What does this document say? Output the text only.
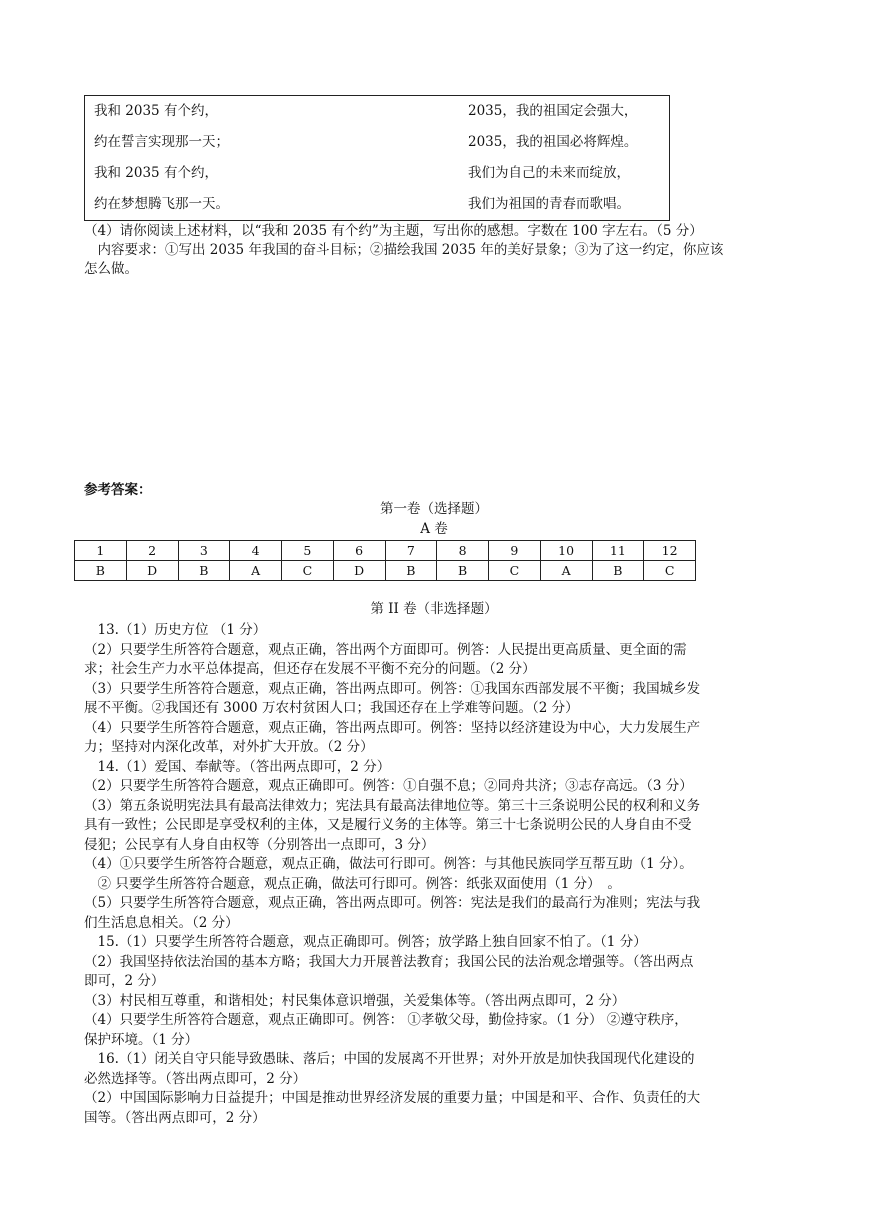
我和 2035 有个约，	2035，我的祖国定会强大，
约在誓言实现那一天；	2035，我的祖国必将辉煌。
我和 2035 有个约，	我们为自己的未来而绽放，
约在梦想腾飞那一天。	我们为祖国的青春而歌唱。
（4）请你阅读上述材料，以“我和 2035 有个约”为主题，写出你的感想。字数在 100 字左右。（5 分）
　内容要求：①写出 2035 年我国的奋斗目标；②描绘我国 2035 年的美好景象；③为了这一约定，你应该
怎么做。
参考答案：
第一卷（选择题）
A 卷
1	2	3	4	5	6	7	8	9	10	11	12
B	D	B	A	C	D	B	B	C	A	B	C
第 II 卷（非选择题）
　13.（1）历史方位 （1 分）
（2）只要学生所答符合题意，观点正确，答出两个方面即可。例答：人民提出更高质量、更全面的需
求；社会生产力水平总体提高，但还存在发展不平衡不充分的问题。（2 分）
（3）只要学生所答符合题意，观点正确，答出两点即可。例答：①我国东西部发展不平衡；我国城乡发
展不平衡。②我国还有 3000 万农村贫困人口；我国还存在上学难等问题。（2 分）
（4）只要学生所答符合题意，观点正确，答出两点即可。例答：坚持以经济建设为中心，大力发展生产
力；坚持对内深化改革，对外扩大开放。（2 分）
　14.（1）爱国、奉献等。（答出两点即可，2 分）
（2）只要学生所答符合题意，观点正确即可。例答：①自强不息；②同舟共济；③志存高远。（3 分）
（3）第五条说明宪法具有最高法律效力；宪法具有最高法律地位等。第三十三条说明公民的权利和义务
具有一致性；公民即是享受权利的主体，又是履行义务的主体等。第三十七条说明公民的人身自由不受
侵犯；公民享有人身自由权等（分别答出一点即可，3 分）
（4）①只要学生所答符合题意，观点正确，做法可行即可。例答：与其他民族同学互帮互助（1 分）。
　② 只要学生所答符合题意，观点正确，做法可行即可。例答：纸张双面使用（1 分）　。
（5）只要学生所答符合题意，观点正确，答出两点即可。例答：宪法是我们的最高行为准则；宪法与我
们生活息息相关。（2 分）
　15.（1）只要学生所答符合题意，观点正确即可。例答；放学路上独自回家不怕了。（1 分）
（2）我国坚持依法治国的基本方略；我国大力开展普法教育；我国公民的法治观念增强等。（答出两点
即可，2 分）
（3）村民相互尊重，和谐相处；村民集体意识增强，关爱集体等。（答出两点即可，2 分）
（4）只要学生所答符合题意，观点正确即可。例答： ①孝敬父母，勤俭持家。（1 分） ②遵守秩序，
保护环境。（1 分）
　16.（1）闭关自守只能导致愚昧、落后；中国的发展离不开世界；对外开放是加快我国现代化建设的
必然选择等。（答出两点即可，2 分）
（2）中国国际影响力日益提升；中国是推动世界经济发展的重要力量；中国是和平、合作、负责任的大
国等。（答出两点即可，2 分）
